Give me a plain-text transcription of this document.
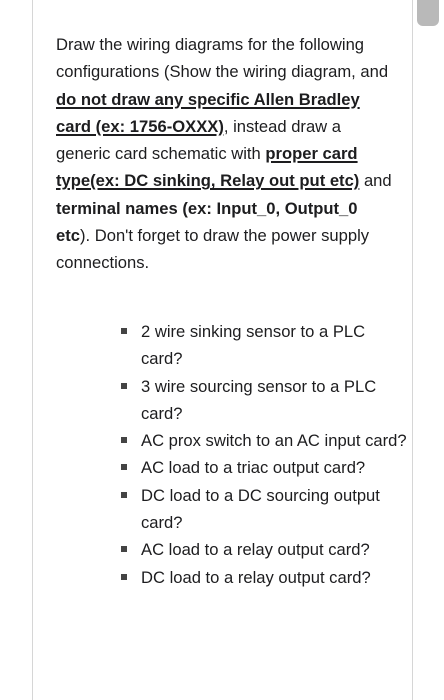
Draw the wiring diagrams for the following configurations (Show the wiring diagram, and do not draw any specific Allen Bradley card (ex: 1756-OXXX), instead draw a generic card schematic with proper card type(ex: DC sinking, Relay out put etc) and terminal names (ex: Input_0, Output_0 etc). Don't forget to draw the power supply connections.

2 wire sinking sensor to a PLC card?
3 wire sourcing sensor to a PLC card?
AC prox switch to an AC input card?
AC load to a triac output card?
DC load to a DC sourcing output card?
AC load to a relay output card?
DC load to a relay output card?
